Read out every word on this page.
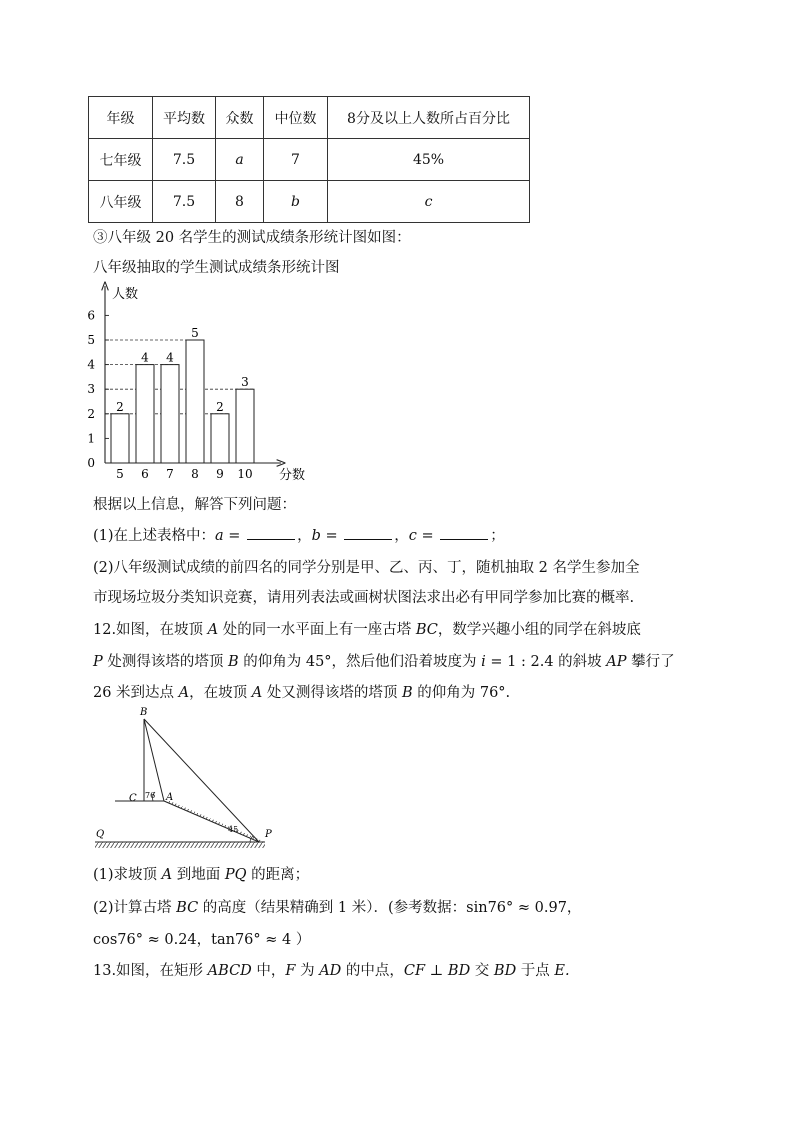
年级	平均数	众数	中位数	8分及以上人数所占百分比
七年级	7.5	a	7	45%
八年级	7.5	8	b	c
③八年级 20 名学生的测试成绩条形统计图如图：
八年级抽取的学生测试成绩条形统计图
人数
分数
0
1
2
3
4
5
6
5 6 7 8 9 10
2
4 4
5
2
3
根据以上信息，解答下列问题：
(1)在上述表格中：a =	，b =	，c =	；
(2)八年级测试成绩的前四名的同学分别是甲、乙、丙、丁，随机抽取 2 名学生参加全
市现场垃圾分类知识竞赛，请用列表法或画树状图法求出必有甲同学参加比赛的概率.
12.如图，在坡顶 A 处的同一水平面上有一座古塔 BC，数学兴趣小组的同学在斜坡底
P 处测得该塔的塔顶 B 的仰角为 45°，然后他们沿着坡度为 i = 1 : 2.4 的斜坡 AP 攀行了
26 米到达点 A，在坡顶 A 处又测得该塔的塔顶 B 的仰角为 76°.
B
C	A
Q	P
76
45
(1)求坡顶 A 到地面 PQ 的距离；
(2)计算古塔 BC 的高度（结果精确到 1 米）．(参考数据：sin76° ≈ 0.97，
cos76° ≈ 0.24，tan76° ≈ 4 ）
13.如图，在矩形 ABCD 中，F 为 AD 的中点，CF ⊥ BD 交 BD 于点 E.
